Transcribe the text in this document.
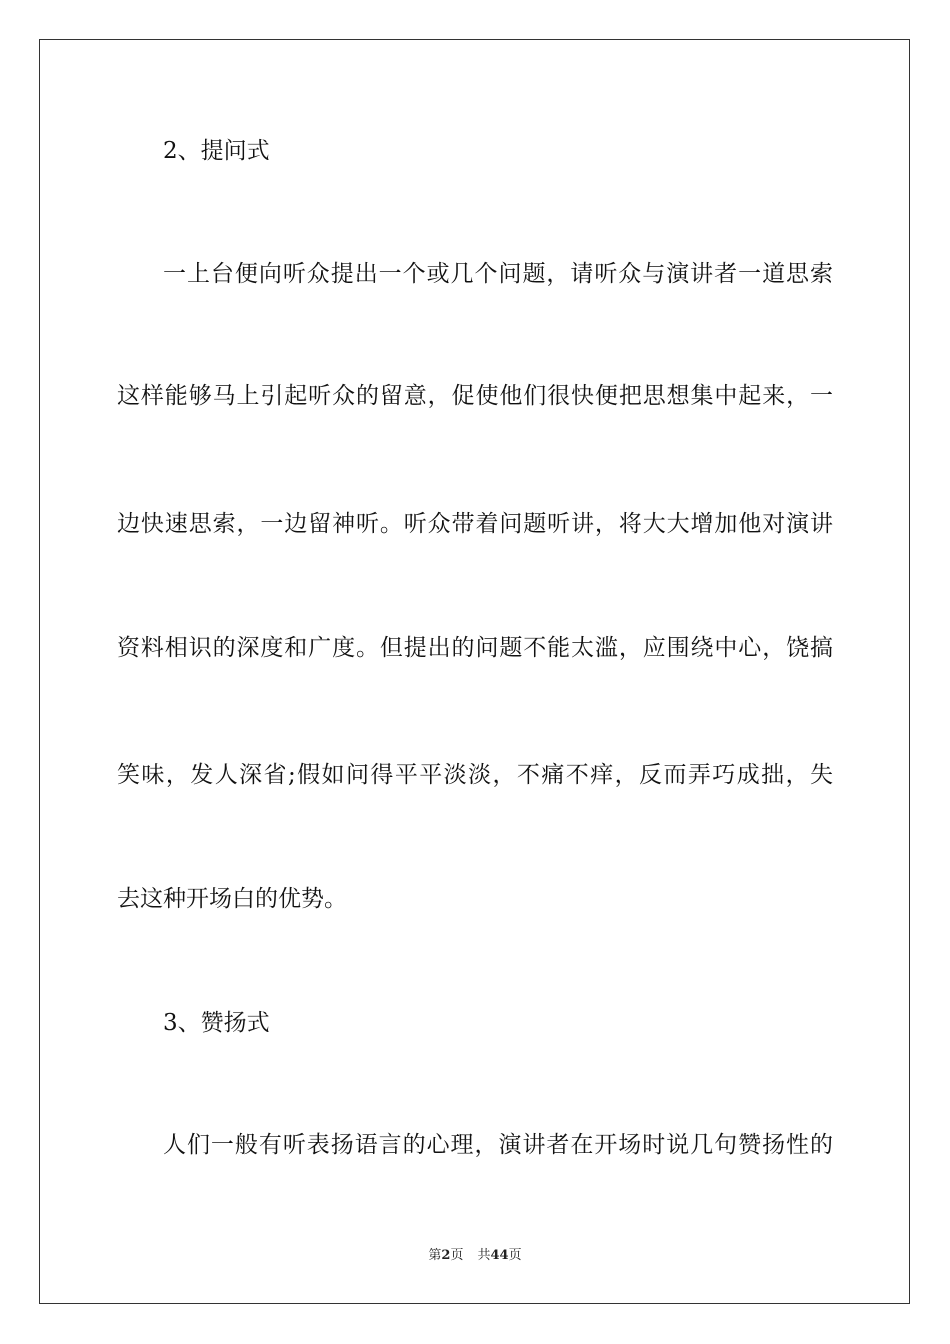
2、提问式
一上台便向听众提出一个或几个问题，请听众与演讲者一道思索
这样能够马上引起听众的留意，促使他们很快便把思想集中起来，一
边快速思索，一边留神听。听众带着问题听讲，将大大增加他对演讲
资料相识的深度和广度。但提出的问题不能太滥，应围绕中心，饶搞
笑味，发人深省;假如问得平平淡淡，不痛不痒，反而弄巧成拙，失
去这种开场白的优势。
3、赞扬式
人们一般有听表扬语言的心理，演讲者在开场时说几句赞扬性的
第2页 共44页
